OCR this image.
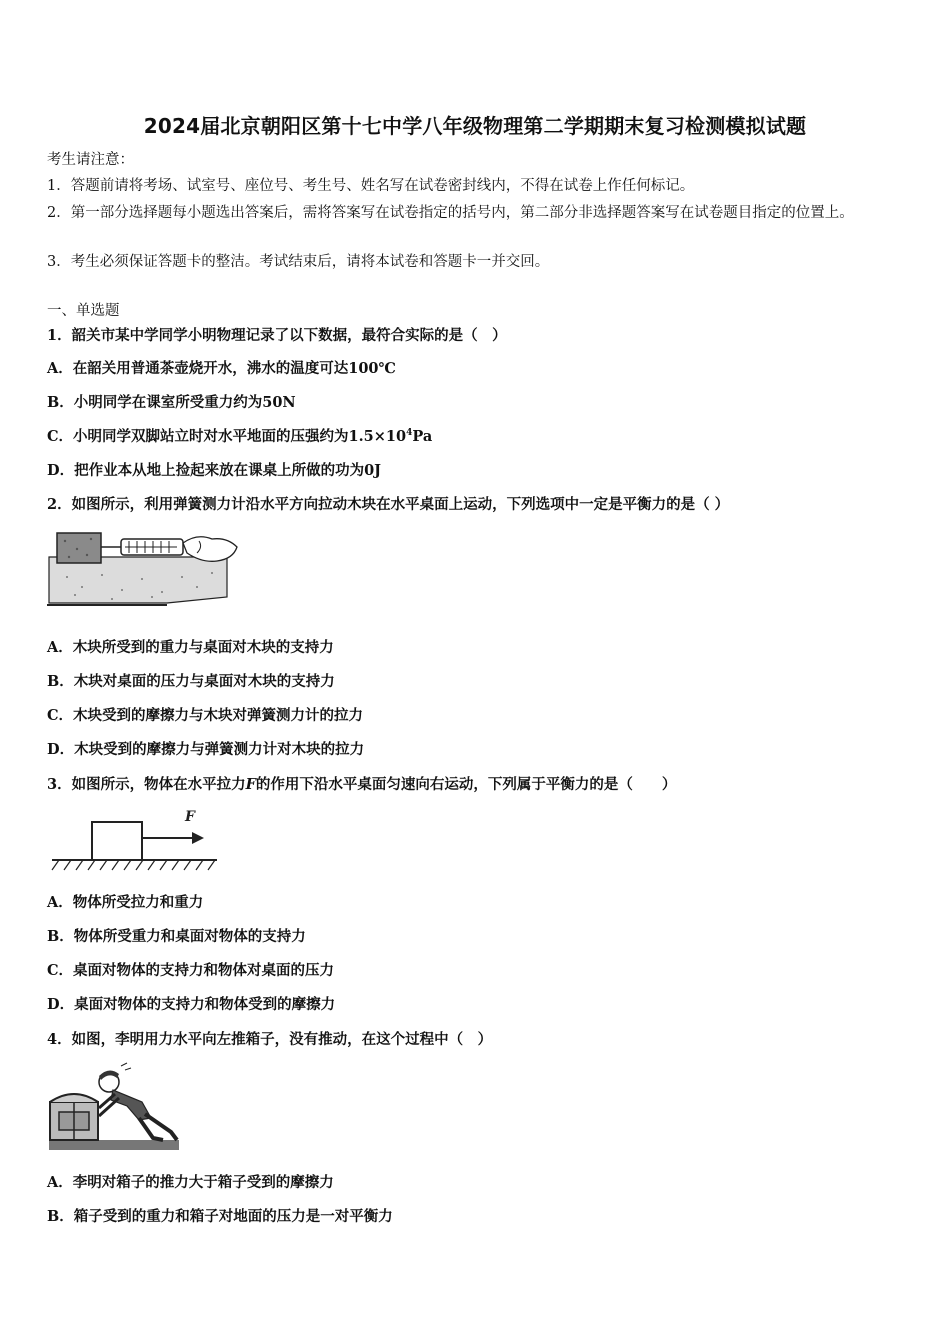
2024届北京朝阳区第十七中学八年级物理第二学期期末复习检测模拟试题
考生请注意：
1．答题前请将考场、试室号、座位号、考生号、姓名写在试卷密封线内，不得在试卷上作任何标记。
2．第一部分选择题每小题选出答案后，需将答案写在试卷指定的括号内，第二部分非选择题答案写在试卷题目指定的位置上。
3．考生必须保证答题卡的整洁。考试结束后，请将本试卷和答题卡一并交回。
一、单选题
1．韶关市某中学同学小明物理记录了以下数据，最符合实际的是（　）
A．在韶关用普通茶壶烧开水，沸水的温度可达100℃
B．小明同学在课室所受重力约为50N
C．小明同学双脚站立时对水平地面的压强约为$1.5\times 10^4Pa$
D．把作业本从地上捡起来放在课桌上所做的功为0J
2．如图所示，利用弹簧测力计沿水平方向拉动木块在水平桌面上运动，下列选项中一定是平衡力的是（ ）
A．木块所受到的重力与桌面对木块的支持力
B．木块对桌面的压力与桌面对木块的支持力
C．木块受到的摩擦力与木块对弹簧测力计的拉力
D．木块受到的摩擦力与弹簧测力计对木块的拉力
3．如图所示，物体在水平拉力F的作用下沿水平桌面匀速向右运动，下列属于平衡力的是（　　）
F
A．物体所受拉力和重力
B．物体所受重力和桌面对物体的支持力
C．桌面对物体的支持力和物体对桌面的压力
D．桌面对物体的支持力和物体受到的摩擦力
4．如图，李明用力水平向左推箱子，没有推动，在这个过程中（　）
A．李明对箱子的推力大于箱子受到的摩擦力
B．箱子受到的重力和箱子对地面的压力是一对平衡力
